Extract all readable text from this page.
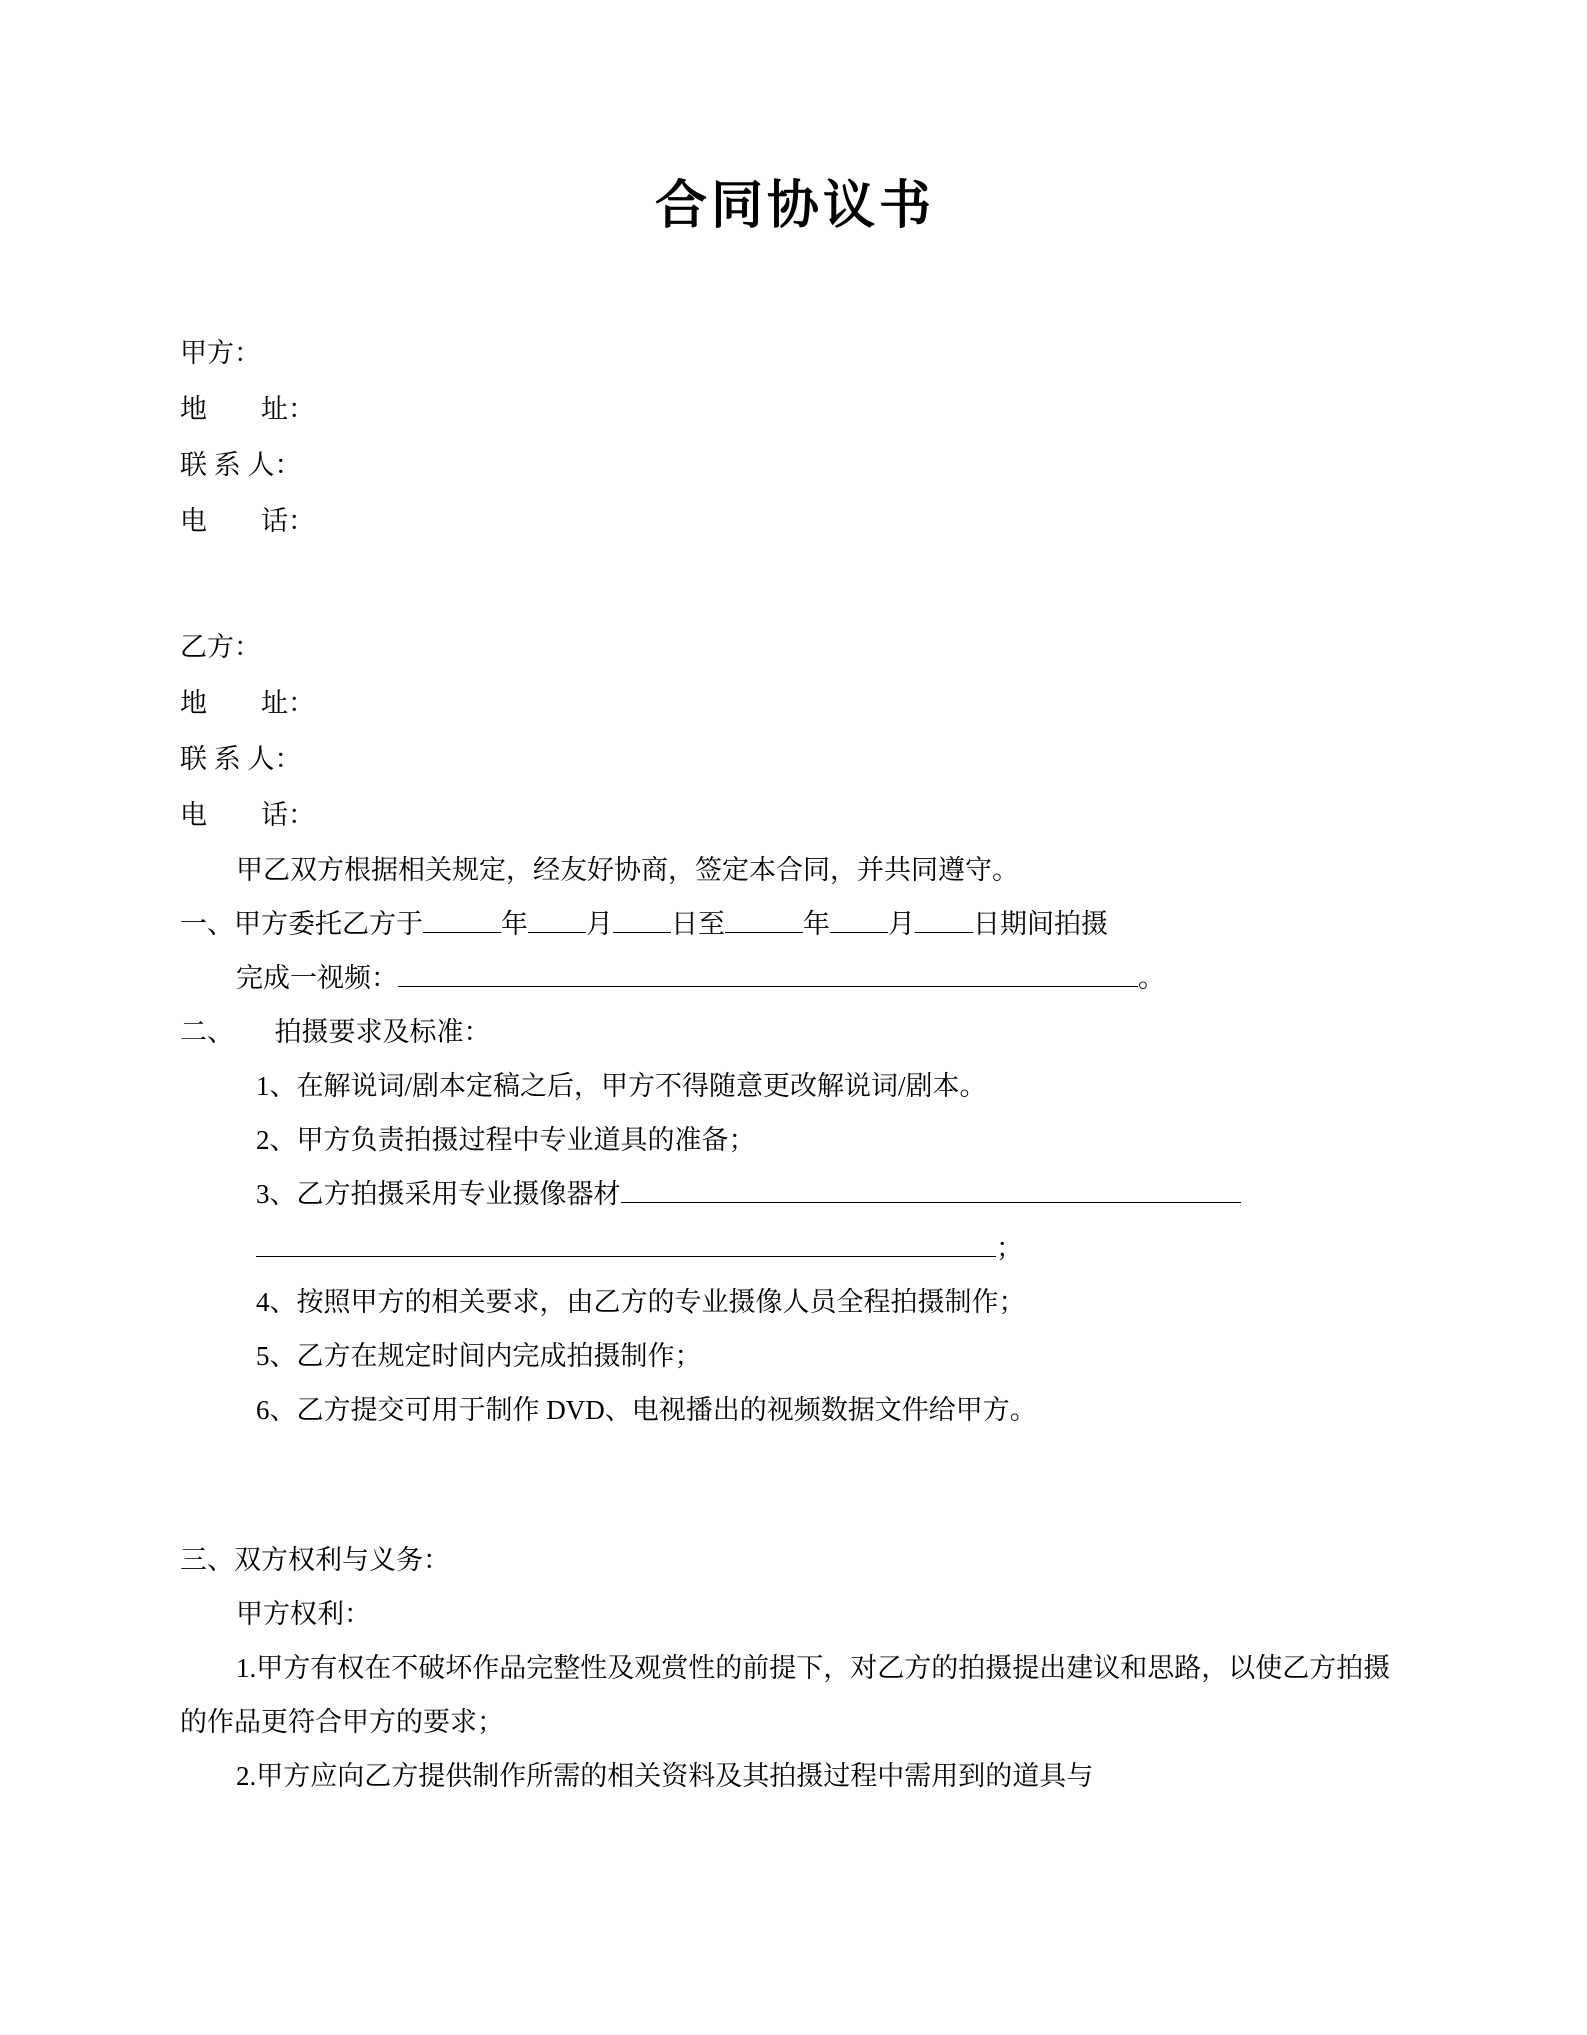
合同协议书
甲方：
地　　址：
联 系 人：
电　　话：
乙方：
地　　址：
联 系 人：
电　　话：

甲乙双方根据相关规定，经友好协商，签定本合同，并共同遵守。

一、甲方委托乙方于	年 月 日至	年 月 日期间拍摄

完成一视频：	。

二、　　拍摄要求及标准：

1、在解说词/剧本定稿之后，甲方不得随意更改解说词/剧本。

2、甲方负责拍摄过程中专业道具的准备；

3、乙方拍摄采用专业摄像器材

；

4、按照甲方的相关要求，由乙方的专业摄像人员全程拍摄制作；

5、乙方在规定时间内完成拍摄制作；

6、乙方提交可用于制作 DVD、电视播出的视频数据文件给甲方。

三、双方权利与义务：

甲方权利：

1.甲方有权在不破坏作品完整性及观赏性的前提下，对乙方的拍摄提出建议和思路，以使乙方拍摄的作品更符合甲方的要求；

2.甲方应向乙方提供制作所需的相关资料及其拍摄过程中需用到的道具与
